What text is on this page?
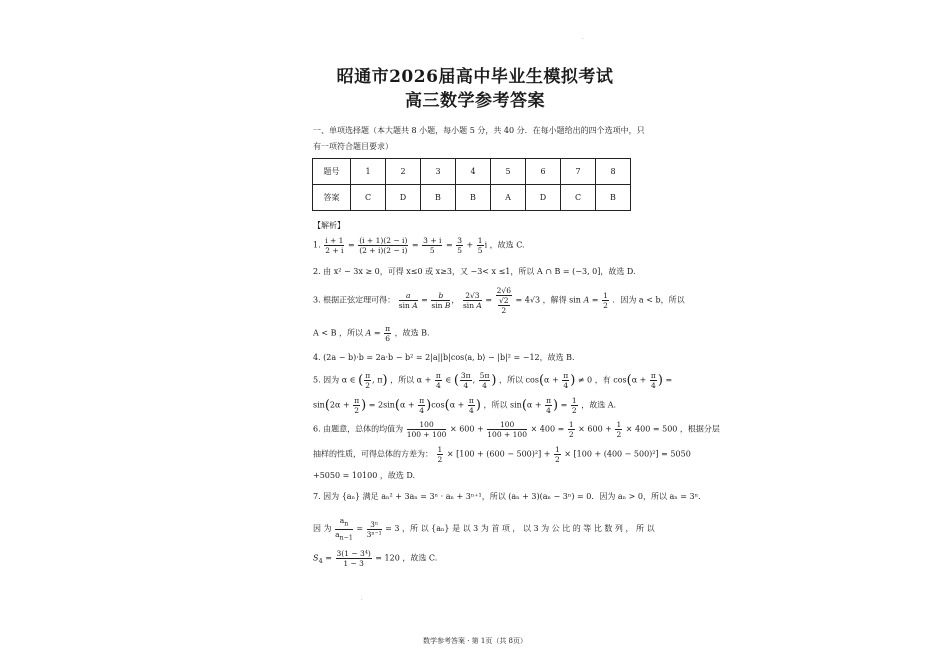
·
昭通市2026届高中毕业生模拟考试
高三数学参考答案
一、单项选择题（本大题共 8 小题，每小题 5 分，共 40 分．在每小题给出的四个选项中，只
有一项符合题目要求）
题号	1	2	3	4	5	6	7	8
答案	C	D	B	B	A	D	C	B
【解析】
1. $\frac{i + 1}{2 + i} = \frac{(i + 1)(2 - i)}{(2 + i)(2 - i)} = \frac{3 + i}{5} = \frac{3}{5} + \frac{1}{5}$ i ，故选 C.
2. 由 x² − 3x ≥ 0，可得 x≤0 或 x≥3，又 −3< x ≤1，所以 A ∩ B = (−3, 0]，故选 D.
3. 根据正弦定理可得： $\frac{a}{\text{sin A}} = \frac{b}{\text{sin B}}$ ， $\frac{2√3}{\text{sin A}} = \frac{2√6}{\frac{√2}{2}} = 4√3$ ，解得 $\sin A = \frac{1}{2}$ ．因为 a < b，所以
A < B ，所以 $A = \frac{\pi}{6}$ ，故选 B.
4. (2a − b)·b = 2a·b − b² = 2|a||b|cos⟨a, b⟩ − |b|² = −12，故选 B.
5. 因为 α ∈ ( $\frac{\pi}{2}$ , π) ，所以 $\alpha + \frac{\pi}{4}$ ∈ ( $\frac{3\pi}{4}$ , $\frac{5\pi}{4}$ ) ，所以 $\cos(\alpha + \frac{\pi}{4}$ ) ≠ 0 ，有 $\cos(\alpha + \frac{\pi}{4}$ ) =
$\sin(2\alpha + \frac{\pi}{2}$ ) = $2\sin(\alpha + \frac{\pi}{4} )\cos(\alpha + \frac{\pi}{4}$ ) ，所以 $\sin(\alpha + \frac{\pi}{4}$ ) = $\frac{1}{2}$ ，故选 A.
6. 由题意，总体的均值为 $\frac{100}{100 + 100} \times 600 + \frac{100}{100 + 100} \times 400 = \frac{1}{2} \times 600 + \frac{1}{2} \times 400 = 500$ ，根据分层
抽样的性质，可得总体的方差为： $\frac{1}{2} \times [100 + (600 - 500)^2] + \frac{1}{2} \times [100 + (400 - 500)^2] = 5050$
+5050 = 10100 ，故选 D.
7. 因为 {aₙ} 满足 aₙ² + 3aₙ = 3ⁿ · aₙ + 3ⁿ⁺¹，所以 (aₙ + 3)(aₙ − 3ⁿ) = 0．因为 aₙ > 0，所以 aₙ = 3ⁿ．
因 为 $\frac{a_n}{a_{n-1}} = \frac{\text{3ⁿ}}{\text{3ⁿ⁻¹}} = 3$ ，所 以 {aₙ} 是 以 3 为 首 项 ， 以 3 为 公 比 的 等 比 数 列 ， 所 以
$S_4 = \frac{\text{3(1 − 3⁴)}}{1 - 3} = 120$ ，故选 C.
·
数学参考答案 · 第 1页（共 8页）
